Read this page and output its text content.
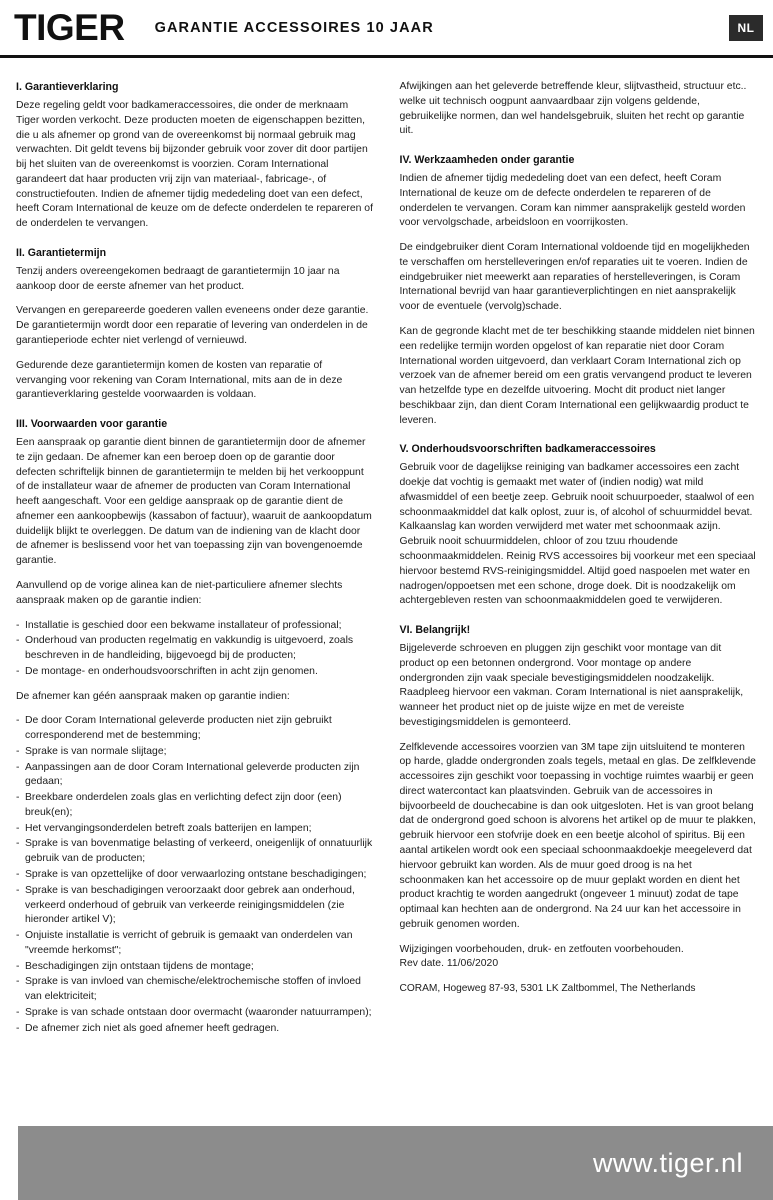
TIGER GARANTIE ACCESSOIRES 10 JAAR	NL
I. Garantieverklaring

Deze regeling geldt voor badkameraccessoires, die onder de merknaam Tiger worden verkocht. Deze producten moeten de eigenschappen bezitten, die u als afnemer op grond van de overeenkomst bij normaal gebruik mag verwachten. Dit geldt tevens bij bijzonder gebruik voor zover dit door partijen bij het sluiten van de overeenkomst is voorzien. Coram International garandeert dat haar producten vrij zijn van materiaal-, fabricage-, of constructiefouten. Indien de afnemer tijdig mededeling doet van een defect, heeft Coram International de keuze om de defecte onderdelen te repareren of de onderdelen te vervangen.

II. Garantietermijn

Tenzij anders overeengekomen bedraagt de garantietermijn 10 jaar na aankoop door de eerste afnemer van het product.

Vervangen en gerepareerde goederen vallen eveneens onder deze garantie. De garantietermijn wordt door een reparatie of levering van onderdelen in de garantieperiode echter niet verlengd of vernieuwd.

Gedurende deze garantietermijn komen de kosten van reparatie of vervanging voor rekening van Coram International, mits aan de in deze garantieverklaring gestelde voorwaarden is voldaan.

III. Voorwaarden voor garantie

Een aanspraak op garantie dient binnen de garantietermijn door de afnemer te zijn gedaan. De afnemer kan een beroep doen op de garantie door defecten schriftelijk binnen de garantietermijn te melden bij het verkooppunt of de installateur waar de afnemer de producten van Coram International heeft aangeschaft. Voor een geldige aanspraak op de garantie dient de afnemer een aankoopbewijs (kassabon of factuur), waaruit de aankoopdatum duidelijk blijkt te overleggen. De datum van de indiening van de klacht door de afnemer is beslissend voor het van toepassing zijn van bovengenoemde garantie.

Aanvullend op de vorige alinea kan de niet-particuliere afnemer slechts aanspraak maken op de garantie indien:

- Installatie is geschied door een bekwame installateur of professional;
- Onderhoud van producten regelmatig en vakkundig is uitgevoerd, zoals beschreven in de handleiding, bijgevoegd bij de producten;
- De montage- en onderhoudsvoorschriften in acht zijn genomen.

De afnemer kan géén aanspraak maken op garantie indien:

- De door Coram International geleverde producten niet zijn gebruikt corresponderend met de bestemming;
- Sprake is van normale slijtage;
- Aanpassingen aan de door Coram International geleverde producten zijn gedaan;
- Breekbare onderdelen zoals glas en verlichting defect zijn door (een) breuk(en);
- Het vervangingsonderdelen betreft zoals batterijen en lampen;
- Sprake is van bovenmatige belasting of verkeerd, oneigenlijk of onnatuurlijk gebruik van de producten;
- Sprake is van opzettelijke of door verwaarlozing ontstane beschadigingen;
- Sprake is van beschadigingen veroorzaakt door gebrek aan onderhoud, verkeerd onderhoud of gebruik van verkeerde reinigingsmiddelen (zie hieronder artikel V);
- Onjuiste installatie is verricht of gebruik is gemaakt van onderdelen van "vreemde herkomst";
- Beschadigingen zijn ontstaan tijdens de montage;
- Sprake is van invloed van chemische/elektrochemische stoffen of invloed van elektriciteit;
- Sprake is van schade ontstaan door overmacht (waaronder natuurrampen);
- De afnemer zich niet als goed afnemer heeft gedragen.

Afwijkingen aan het geleverde betreffende kleur, slijtvastheid, structuur etc.. welke uit technisch oogpunt aanvaardbaar zijn volgens geldende, gebruikelijke normen, dan wel handelsgebruik, sluiten het recht op garantie uit.

IV. Werkzaamheden onder garantie

Indien de afnemer tijdig mededeling doet van een defect, heeft Coram International de keuze om de defecte onderdelen te repareren of de onderdelen te vervangen. Coram kan nimmer aansprakelijk gesteld worden voor vervolgschade, arbeidsloon en voorrijkosten.

De eindgebruiker dient Coram International voldoende tijd en mogelijkheden te verschaffen om herstelleveringen en/of reparaties uit te voeren. Indien de eindgebruiker niet meewerkt aan reparaties of herstelleveringen, is Coram International bevrijd van haar garantieverplichtingen en niet aansprakelijk voor de eventuele (vervolg)schade.

Kan de gegronde klacht met de ter beschikking staande middelen niet binnen een redelijke termijn worden opgelost of kan reparatie niet door Coram International worden uitgevoerd, dan verklaart Coram International zich op verzoek van de afnemer bereid om een gratis vervangend product te leveren van hetzelfde type en dezelfde uitvoering. Mocht dit product niet langer beschikbaar zijn, dan dient Coram International een gelijkwaardig product te leveren.

V. Onderhoudsvoorschriften badkameraccessoires

Gebruik voor de dagelijkse reiniging van badkamer accessoires een zacht doekje dat vochtig is gemaakt met water of (indien nodig) wat mild afwasmiddel of een beetje zeep. Gebruik nooit schuurpoeder, staalwol of een schoonmaakmiddel dat kalk oplost, zuur is, of alcohol of schuurmiddel bevat. Kalkaanslag kan worden verwijderd met water met schoonmaak azijn. Gebruik nooit schuurmiddelen, chloor of zou tzuu rhoudende schoonmaakmiddelen. Reinig RVS accessoires bij voorkeur met een speciaal hiervoor bestemd RVS-reinigingsmiddel. Altijd goed naspoelen met water en nadrogen/oppoetsen met een schone, droge doek. Dit is noodzakelijk om achtergebleven resten van schoonmaakmiddelen goed te verwijderen.

VI. Belangrijk!

Bijgeleverde schroeven en pluggen zijn geschikt voor montage van dit product op een betonnen ondergrond. Voor montage op andere ondergronden zijn vaak speciale bevestigingsmiddelen noodzakelijk. Raadpleeg hiervoor een vakman. Coram International is niet aansprakelijk, wanneer het product niet op de juiste wijze en met de vereiste bevestigingsmiddelen is gemonteerd.

Zelfklevende accessoires voorzien van 3M tape zijn uitsluitend te monteren op harde, gladde ondergronden zoals tegels, metaal en glas. De zelfklevende accessoires zijn geschikt voor toepassing in vochtige ruimtes waarbij er geen direct watercontact kan plaatsvinden. Gebruik van de accessoires in bijvoorbeeld de douchecabine is dan ook uitgesloten. Het is van groot belang dat de ondergrond goed schoon is alvorens het artikel op de muur te plakken, gebruik hiervoor een stofvrije doek en een beetje alcohol of spiritus. Bij een aantal artikelen wordt ook een speciaal schoonmaakdoekje meegeleverd dat hiervoor gebruikt kan worden. Als de muur goed droog is na het schoonmaken kan het accessoire op de muur geplakt worden en dient het product krachtig te worden aangedrukt (ongeveer 1 minuut) zodat de tape optimaal kan hechten aan de ondergrond. Na 24 uur kan het accessoire in gebruik genomen worden.

Wijzigingen voorbehouden, druk- en zetfouten voorbehouden.

Rev date. 11/06/2020

CORAM, Hogeweg 87-93, 5301 LK Zaltbommel, The Netherlands

www.tiger.nl
